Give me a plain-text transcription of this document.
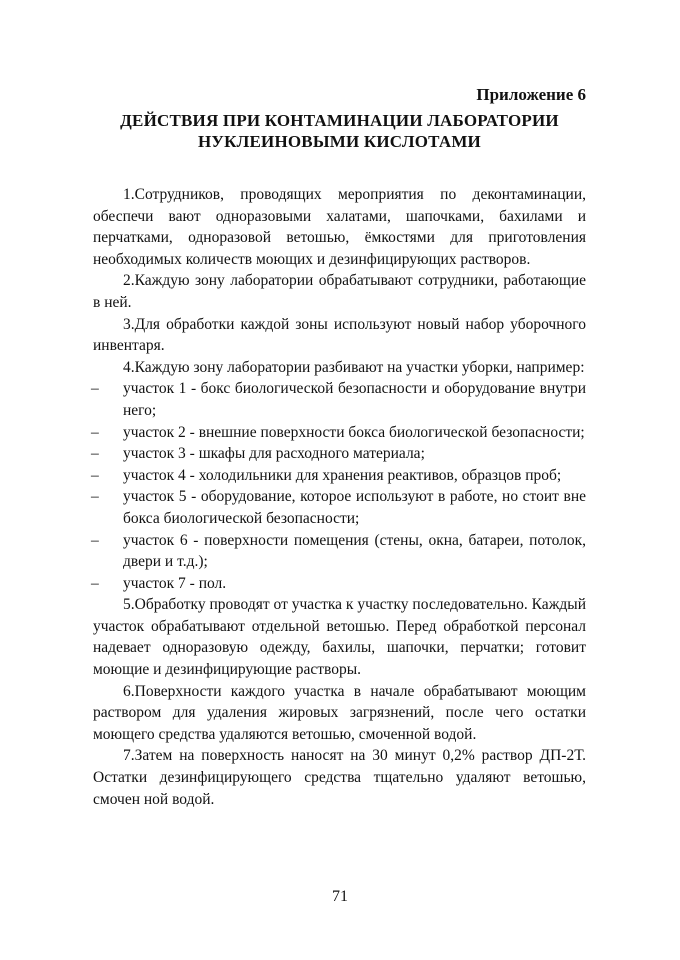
Приложение 6

ДЕЙСТВИЯ ПРИ КОНТАМИНАЦИИ ЛАБОРАТОРИИ
НУКЛЕИНОВЫМИ КИСЛОТАМИ

1.Сотрудников, проводящих мероприятия по деконтаминации, обеспечи вают одноразовыми халатами, шапочками, бахилами и перчатками, одноразовой ветошью, ёмкостями для приготовления необходимых количеств моющих и дезинфицирующих растворов.

2.Каждую зону лаборатории обрабатывают сотрудники, работающие в ней.

3.Для обработки каждой зоны используют новый набор уборочного инвентаря.

4.Каждую зону лаборатории разбивают на участки уборки, например:

– участок 1 - бокс биологической безопасности и оборудование внутри него;
– участок 2 - внешние поверхности бокса биологической безопасности;
– участок 3 - шкафы для расходного материала;
– участок 4 - холодильники для хранения реактивов, образцов проб;
– участок 5 - оборудование, которое используют в работе, но стоит вне бокса биологической безопасности;
– участок 6 - поверхности помещения (стены, окна, батареи, потолок, двери и т.д.);
– участок 7 - пол.

5.Обработку проводят от участка к участку последовательно. Каждый участок обрабатывают отдельной ветошью. Перед обработкой персонал надевает одноразовую одежду, бахилы, шапочки, перчатки; готовит моющие и дезинфицирующие растворы.

6.Поверхности каждого участка в начале обрабатывают моющим раствором для удаления жировых загрязнений, после чего остатки моющего средства удаляются ветошью, смоченной водой.

7.Затем на поверхность наносят на 30 минут 0,2% раствор ДП-2Т. Остатки дезинфицирующего средства тщательно удаляют ветошью, смочен ной водой.

71
